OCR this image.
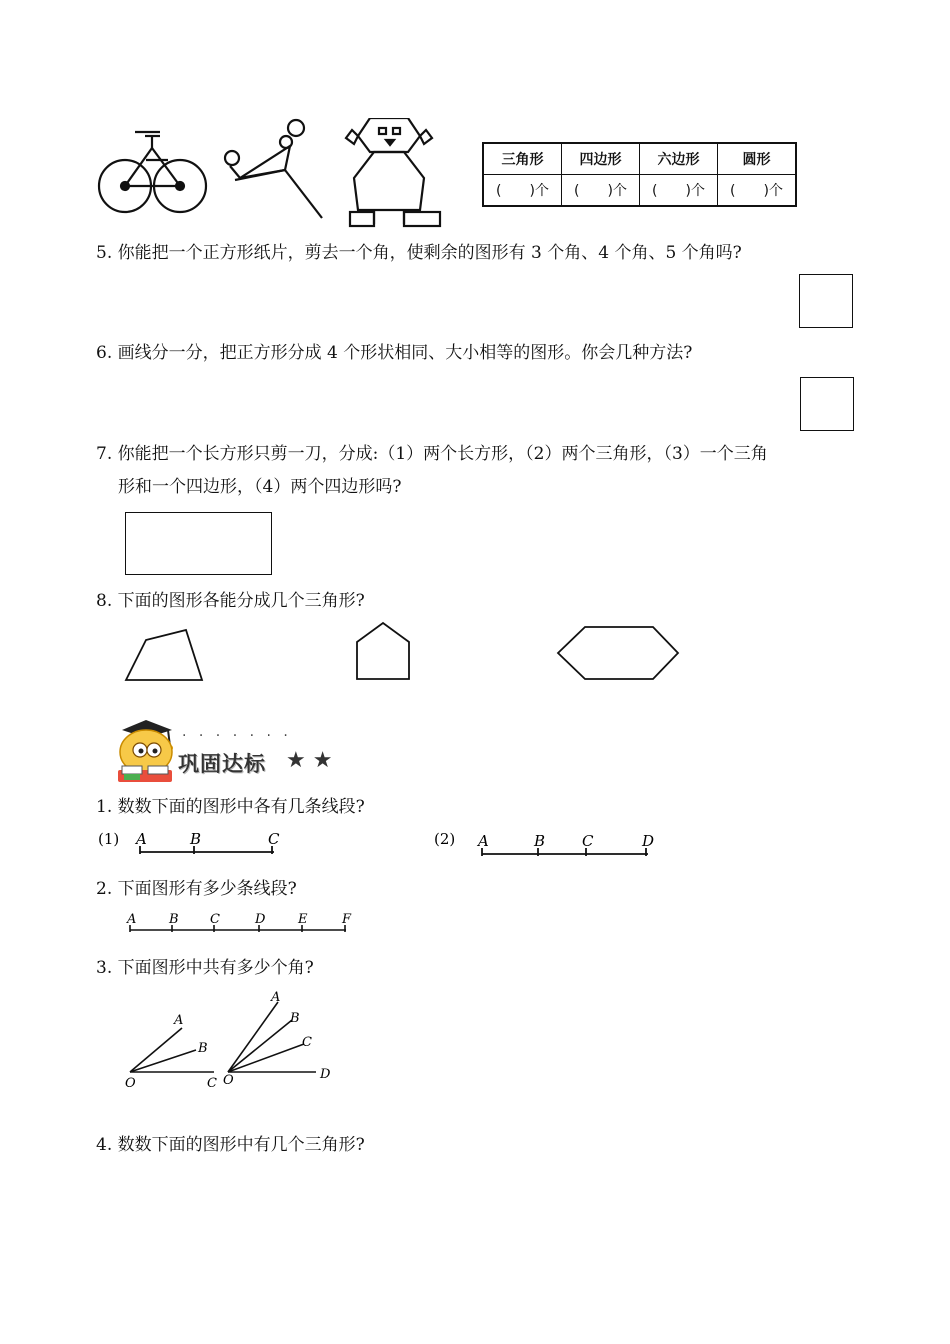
三角形	四边形	六边形	圆形
(　　)个	(　　)个	(　　)个	(　　)个
5. 你能把一个正方形纸片，剪去一个角，使剩余的图形有 3 个角、4 个角、5 个角吗?
6. 画线分一分，把正方形分成 4 个形状相同、大小相等的图形。你会几种方法?
7. 你能把一个长方形只剪一刀，分成:（1）两个长方形，（2）两个三角形，（3）一个三角
形和一个四边形，（4）两个四边形吗?
8. 下面的图形各能分成几个三角形?
· · · · · · ·
巩固达标 ★ ★
1. 数数下面的图形中各有几条线段?
(1) A	B	C	(2) A	B C	D
2. 下面图形有多少条线段?
A	B C	D	E	F
3. 下面图形中共有多少个角?
A
B
C
O
A
B
C
D
O
4. 数数下面的图形中有几个三角形?
